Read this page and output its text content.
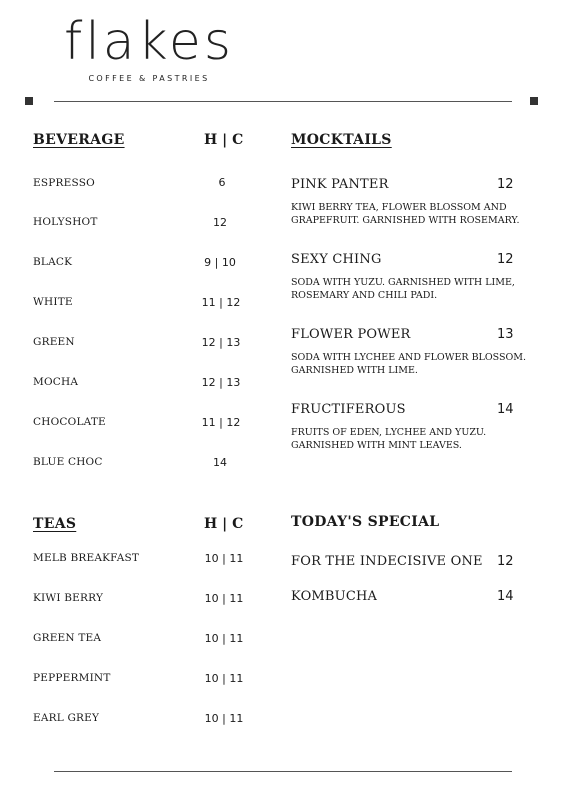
flakes
COFFEE & PASTRIES
BEVERAGE	H | C
ESPRESSO	6
HOLYSHOT	12
BLACK	9 | 10
WHITE	11 | 12
GREEN	12 | 13
MOCHA	12 | 13
CHOCOLATE	11 | 12
BLUE CHOC	14
TEAS	H | C
MELB BREAKFAST	10 | 11
KIWI BERRY	10 | 11
GREEN TEA	10 | 11
PEPPERMINT	10 | 11
EARL GREY	10 | 11
MOCKTAILS
PINK PANTER	12
KIWI BERRY TEA, FLOWER BLOSSOM AND
GRAPEFRUIT. GARNISHED WITH ROSEMARY.
SEXY CHING	12
SODA WITH YUZU. GARNISHED WITH LIME,
ROSEMARY AND CHILI PADI.
FLOWER POWER	13
SODA WITH LYCHEE AND FLOWER BLOSSOM.
GARNISHED WITH LIME.
FRUCTIFEROUS	14
FRUITS OF EDEN, LYCHEE AND YUZU.
GARNISHED WITH MINT LEAVES.
TODAY'S SPECIAL
FOR THE INDECISIVE ONE 12
KOMBUCHA	14
